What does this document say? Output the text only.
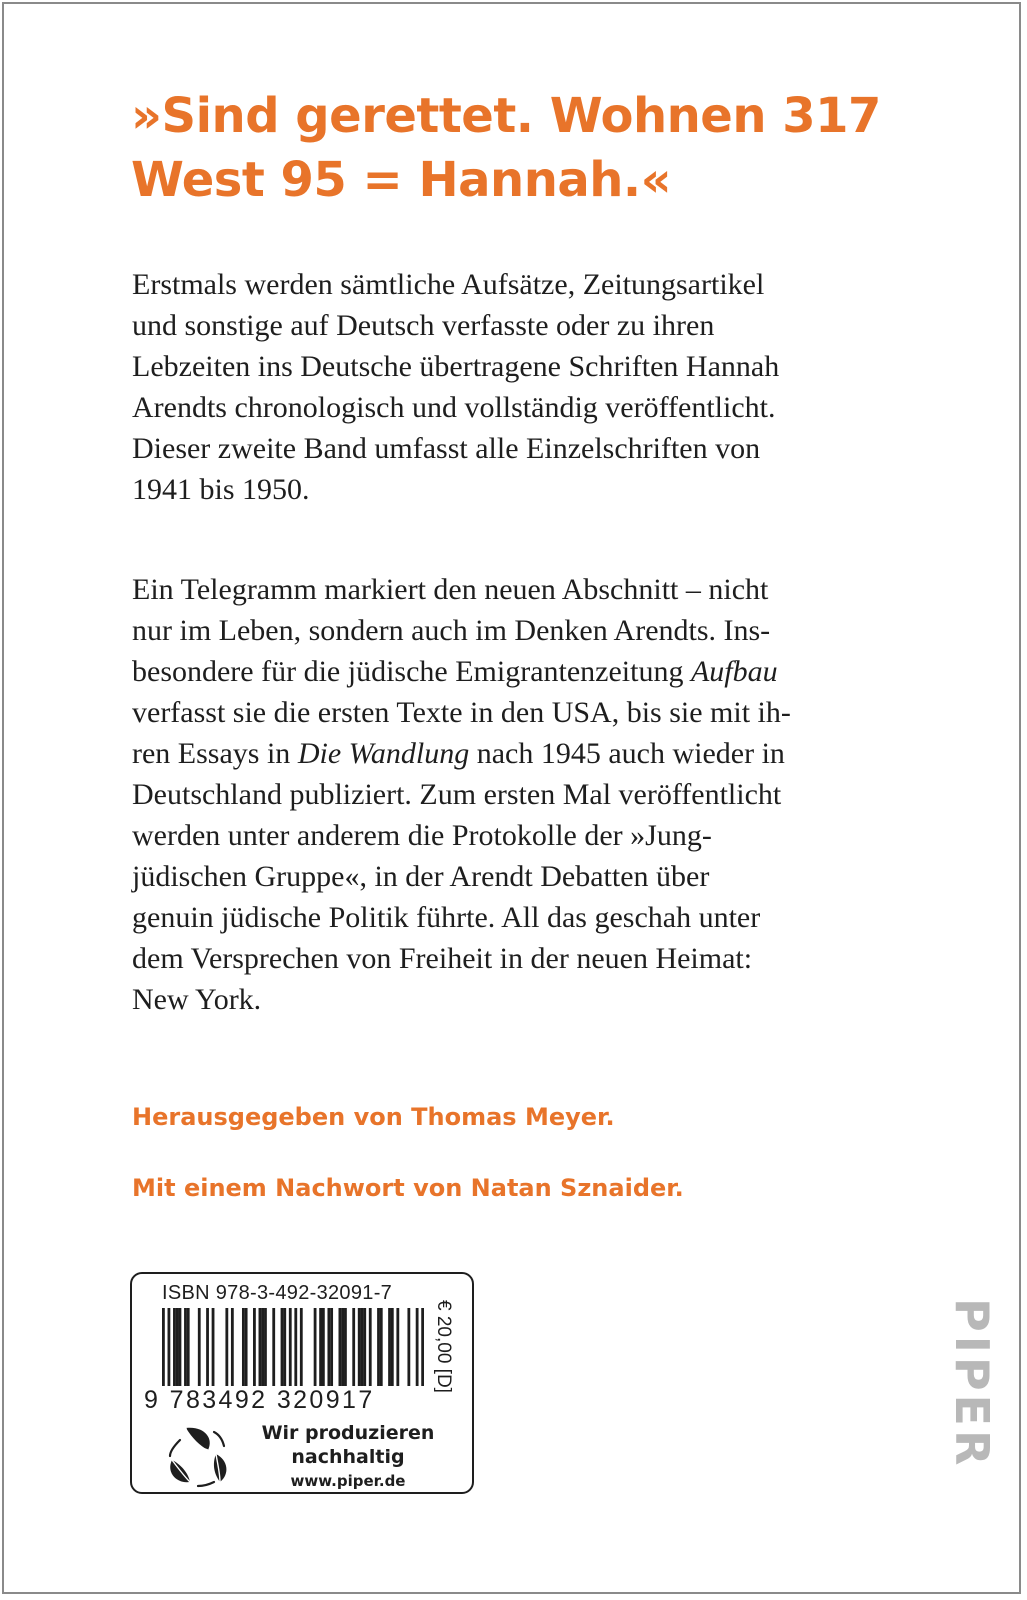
»Sind gerettet. Wohnen 317
West 95 = Hannah.«

Erstmals werden sämtliche Aufsätze, Zeitungsartikel
und sonstige auf Deutsch verfasste oder zu ihren
Lebzeiten ins Deutsche übertragene Schriften Hannah
Arendts chronologisch und vollständig veröffentlicht.
Dieser zweite Band umfasst alle Einzelschriften von
1941 bis 1950.

Ein Telegramm markiert den neuen Abschnitt – nicht
nur im Leben, sondern auch im Denken Arendts. Ins-
besondere für die jüdische Emigrantenzeitung Aufbau
verfasst sie die ersten Texte in den USA, bis sie mit ih-
ren Essays in Die Wandlung nach 1945 auch wieder in
Deutschland publiziert. Zum ersten Mal veröffentlicht
werden unter anderem die Protokolle der »Jung-
jüdischen Gruppe«, in der Arendt Debatten über
genuin jüdische Politik führte. All das geschah unter
dem Versprechen von Freiheit in der neuen Heimat:
New York.

Herausgegeben von Thomas Meyer.

Mit einem Nachwort von Natan Sznaider.

ISBN 978-3-492-32091-7

9 783492 320917

€ 20,00 [D]

Wir produzieren

nachhaltig

www.piper.de

PIPER
